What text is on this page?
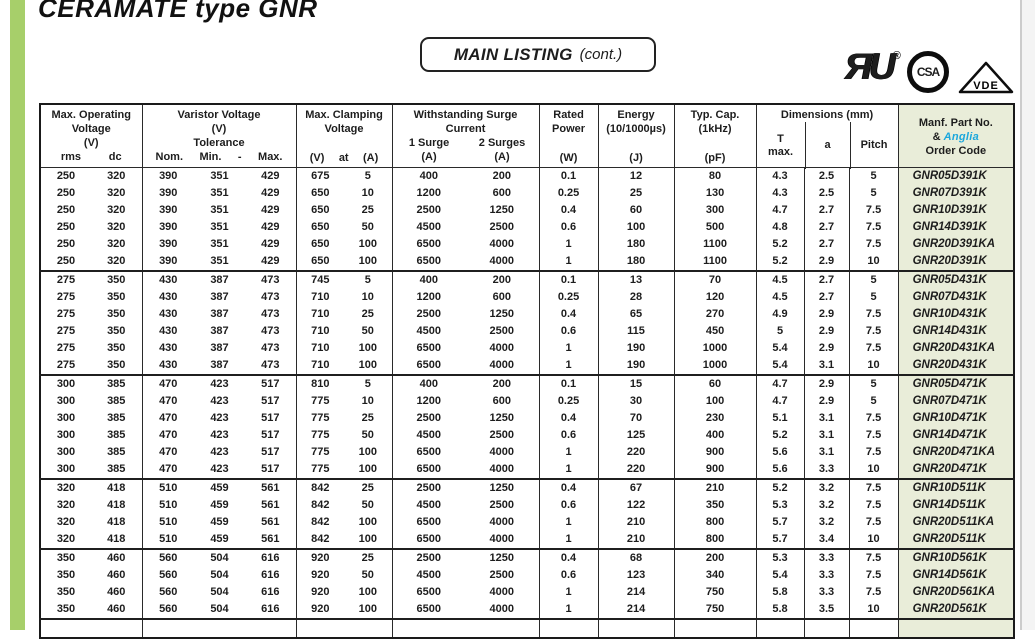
CERAMATE type GNR
MAIN LISTING (cont.)	ЯU®
CSA
VDE
Max. Operating
Voltage
(V)
rms	dc

Varistor Voltage
(V)
Tolerance
Nom. Min. - Max.

Max. Clamping
Voltage
(V) at (A)

Withstanding Surge
Current
1 Surge	2 Surges
(A)	(A)

Rated
Power
(W)

Energy
(10/1000µs)
(J)

Typ. Cap.
(1kHz)
(pF)

Dimensions (mm)
T
max.
a	Pitch

Manf. Part No.
& Anglia
Order Code

250	320	390	351	429	675	5	400	200	0.1	12	80	4.3	2.5	5	GNR05D391K
250	320	390	351	429	650	10	1200	600	0.25	25	130	4.3	2.5	5	GNR07D391K
250	320	390	351	429	650	25	2500	1250	0.4	60	300	4.7	2.7	7.5	GNR10D391K
250	320	390	351	429	650	50	4500	2500	0.6	100	500	4.8	2.7	7.5	GNR14D391K
250	320	390	351	429	650	100	6500	4000	1	180	1100	5.2	2.7	7.5	GNR20D391KA
250	320	390	351	429	650	100	6500	4000	1	180	1100	5.2	2.9	10	GNR20D391K
275	350	430	387	473	745	5	400	200	0.1	13	70	4.5	2.7	5	GNR05D431K
275	350	430	387	473	710	10	1200	600	0.25	28	120	4.5	2.7	5	GNR07D431K
275	350	430	387	473	710	25	2500	1250	0.4	65	270	4.9	2.9	7.5	GNR10D431K
275	350	430	387	473	710	50	4500	2500	0.6	115	450	5	2.9	7.5	GNR14D431K
275	350	430	387	473	710	100	6500	4000	1	190	1000	5.4	2.9	7.5	GNR20D431KA
275	350	430	387	473	710	100	6500	4000	1	190	1000	5.4	3.1	10	GNR20D431K
300	385	470	423	517	810	5	400	200	0.1	15	60	4.7	2.9	5	GNR05D471K
300	385	470	423	517	775	10	1200	600	0.25	30	100	4.7	2.9	5	GNR07D471K
300	385	470	423	517	775	25	2500	1250	0.4	70	230	5.1	3.1	7.5	GNR10D471K
300	385	470	423	517	775	50	4500	2500	0.6	125	400	5.2	3.1	7.5	GNR14D471K
300	385	470	423	517	775	100	6500	4000	1	220	900	5.6	3.1	7.5	GNR20D471KA
300	385	470	423	517	775	100	6500	4000	1	220	900	5.6	3.3	10	GNR20D471K
320	418	510	459	561	842	25	2500	1250	0.4	67	210	5.2	3.2	7.5	GNR10D511K
320	418	510	459	561	842	50	4500	2500	0.6	122	350	5.3	3.2	7.5	GNR14D511K
320	418	510	459	561	842	100	6500	4000	1	210	800	5.7	3.2	7.5	GNR20D511KA
320	418	510	459	561	842	100	6500	4000	1	210	800	5.7	3.4	10	GNR20D511K
350	460	560	504	616	920	25	2500	1250	0.4	68	200	5.3	3.3	7.5	GNR10D561K
350	460	560	504	616	920	50	4500	2500	0.6	123	340	5.4	3.3	7.5	GNR14D561K
350	460	560	504	616	920	100	6500	4000	1	214	750	5.8	3.3	7.5	GNR20D561KA
350	460	560	504	616	920	100	6500	4000	1	214	750	5.8	3.5	10	GNR20D561K
